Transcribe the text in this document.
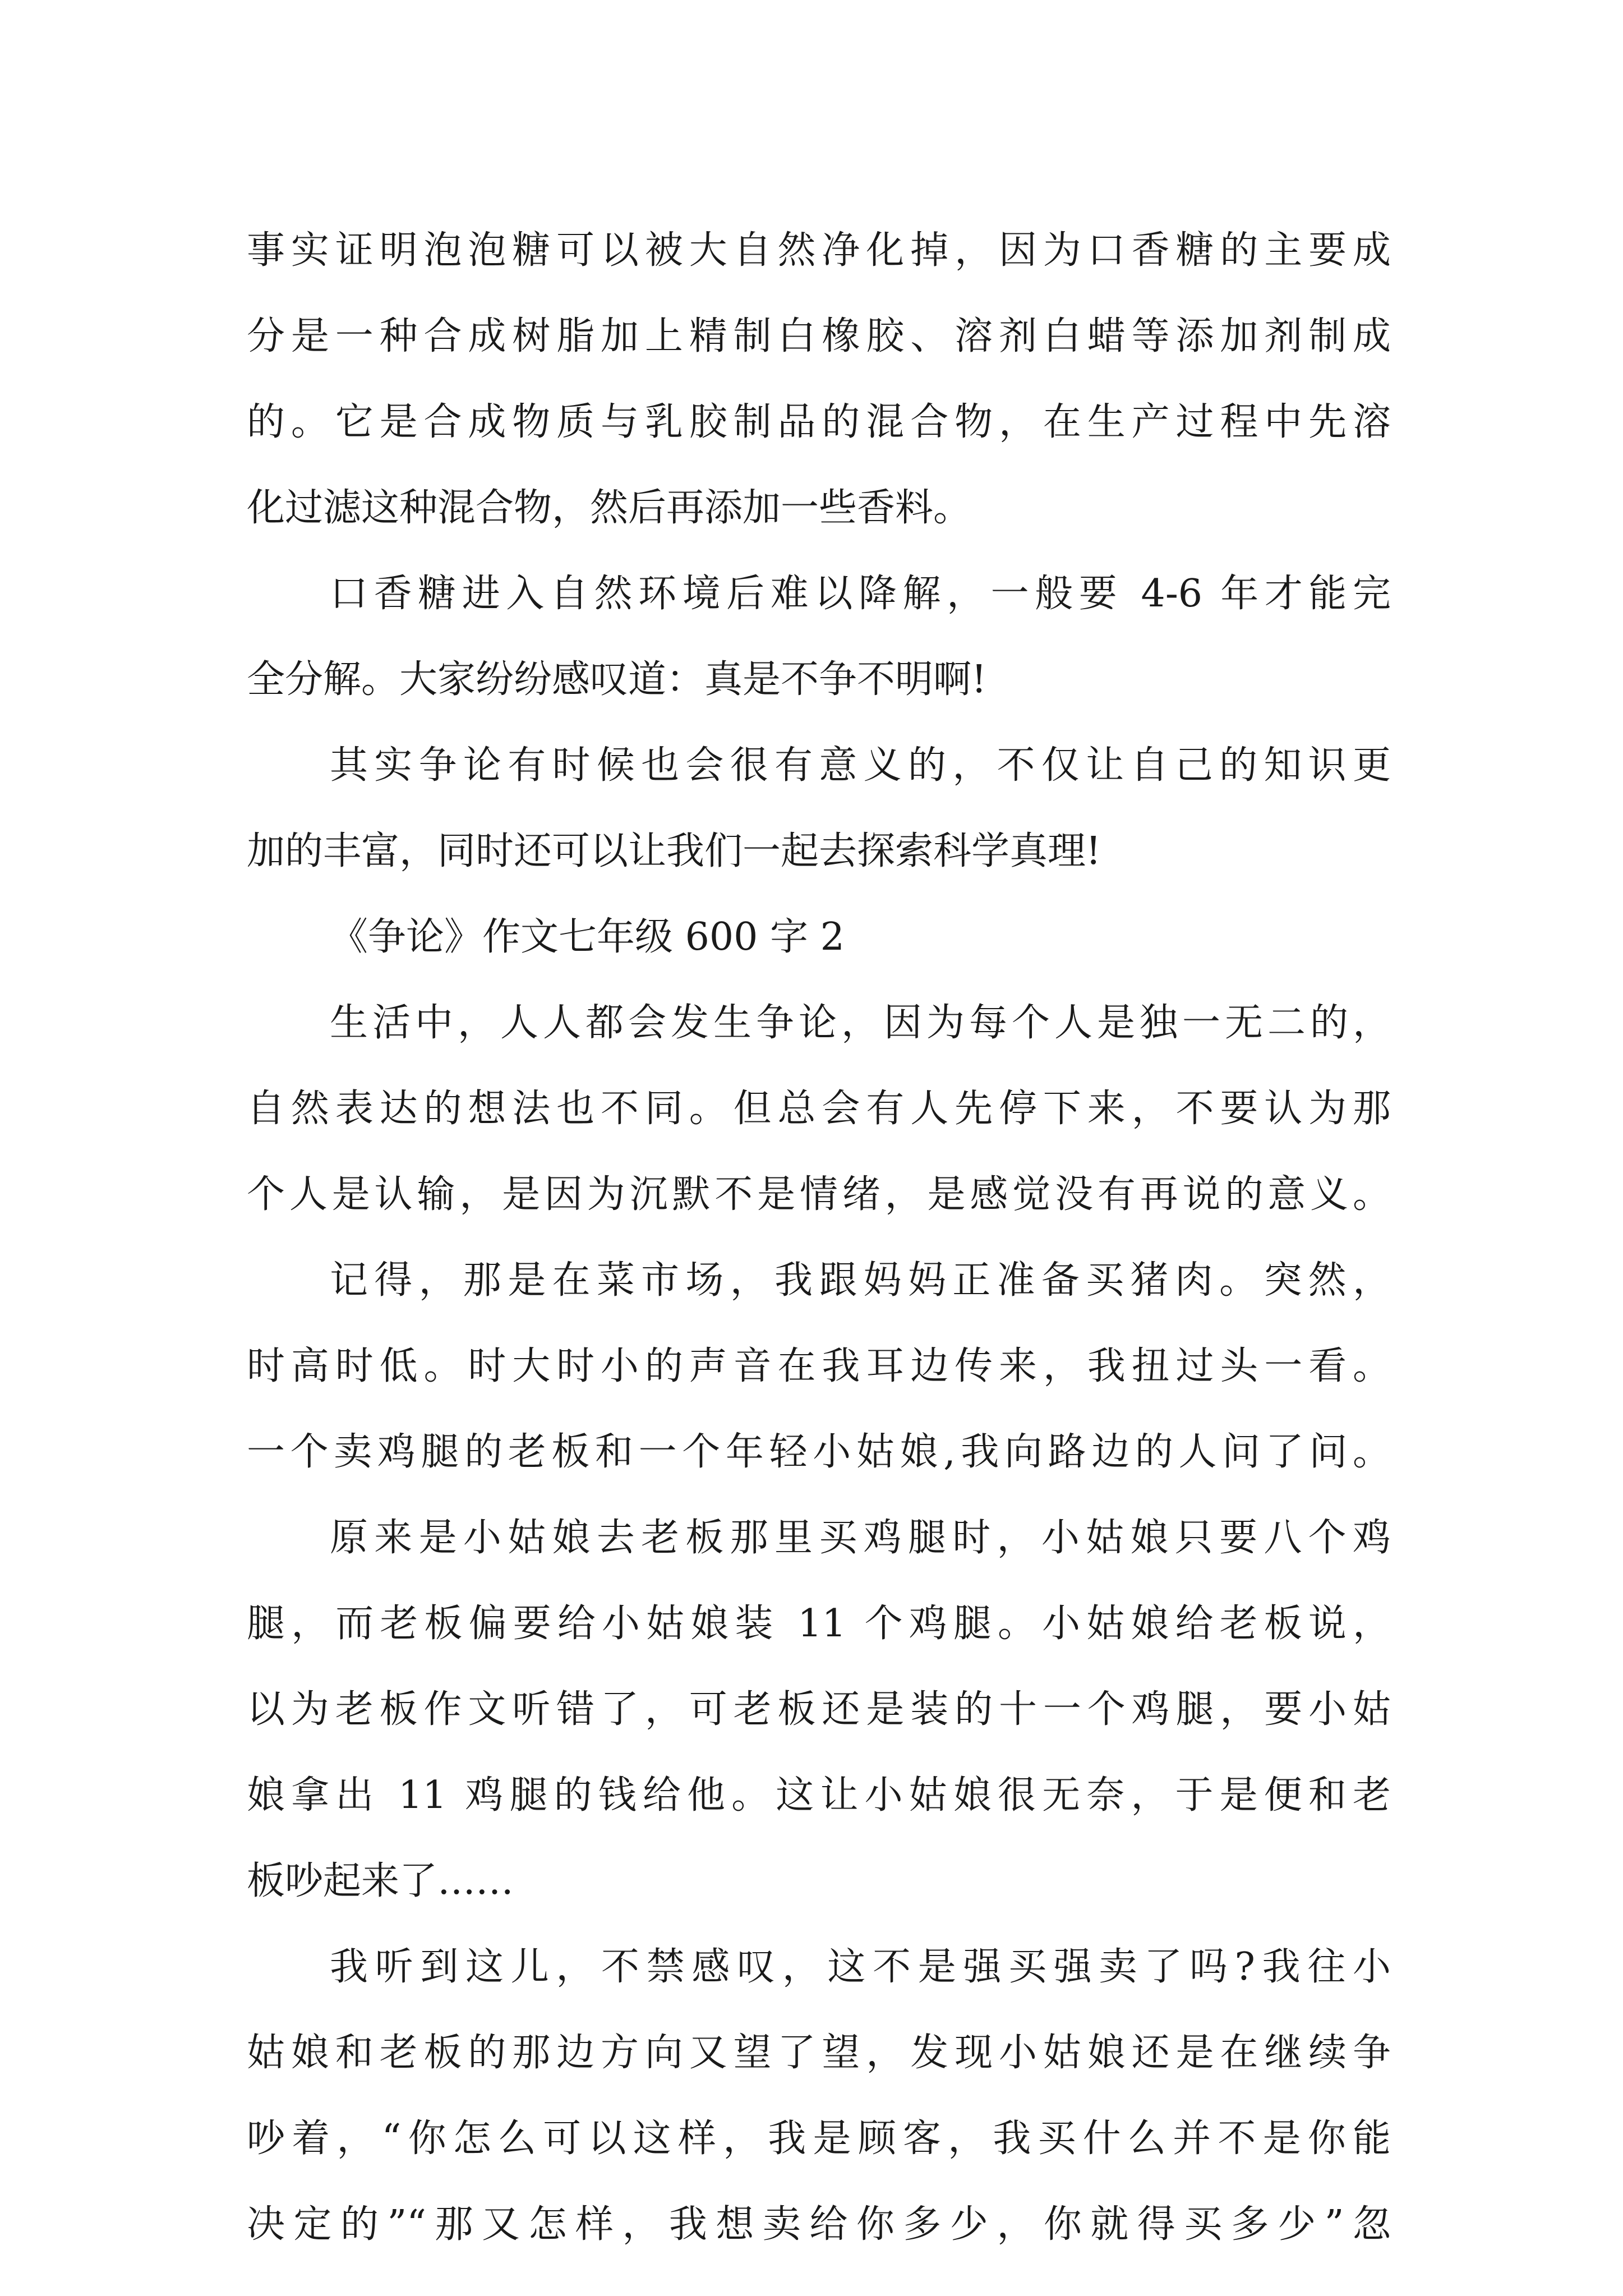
事实证明泡泡糖可以被大自然净化掉，因为口香糖的主要成
分是一种合成树脂加上精制白橡胶、溶剂白蜡等添加剂制成
的。它是合成物质与乳胶制品的混合物，在生产过程中先溶
化过滤这种混合物，然后再添加一些香料。
口香糖进入自然环境后难以降解，一般要 4-6 年才能完
全分解。大家纷纷感叹道：真是不争不明啊!
其实争论有时候也会很有意义的，不仅让自己的知识更
加的丰富，同时还可以让我们一起去探索科学真理!
《争论》作文七年级 600 字 2
生活中，人人都会发生争论，因为每个人是独一无二的，
自然表达的想法也不同。但总会有人先停下来，不要认为那
个人是认输，是因为沉默不是情绪，是感觉没有再说的意义。
记得，那是在菜市场，我跟妈妈正准备买猪肉。突然，
时高时低。时大时小的声音在我耳边传来，我扭过头一看。
一个卖鸡腿的老板和一个年轻小姑娘,我向路边的人问了问。
原来是小姑娘去老板那里买鸡腿时，小姑娘只要八个鸡
腿，而老板偏要给小姑娘装 11 个鸡腿。小姑娘给老板说，
以为老板作文听错了，可老板还是装的十一个鸡腿，要小姑
娘拿出 11 鸡腿的钱给他。这让小姑娘很无奈，于是便和老
板吵起来了……
我听到这儿，不禁感叹，这不是强买强卖了吗?我往小
姑娘和老板的那边方向又望了望，发现小姑娘还是在继续争
吵着，“你怎么可以这样，我是顾客，我买什么并不是你能
决定的”“那又怎样，我想卖给你多少，你就得买多少”忽
